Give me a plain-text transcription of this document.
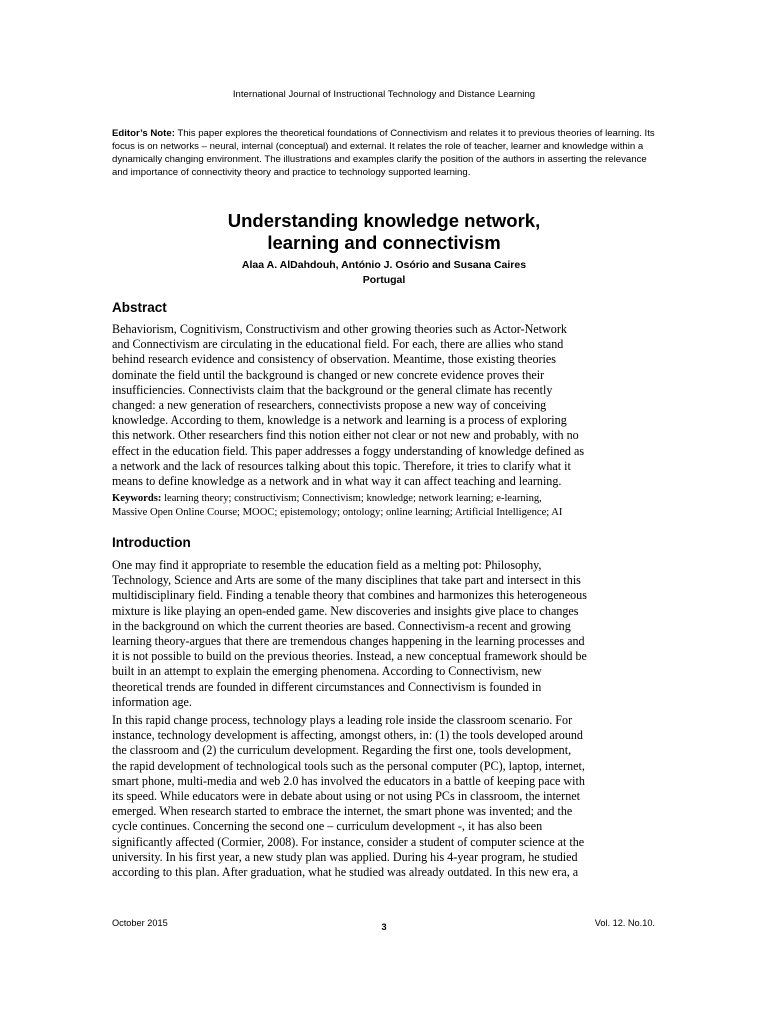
International Journal of Instructional Technology and Distance Learning

Editor’s Note: This paper explores the theoretical foundations of Connectivism and relates it to previous theories of learning. Its focus is on networks – neural, internal (conceptual) and external. It relates the role of teacher, learner and knowledge within a dynamically changing environment. The illustrations and examples clarify the position of the authors in asserting the relevance and importance of connectivity theory and practice to technology supported learning.

Understanding knowledge network,
learning and connectivism
Alaa A. AlDahdouh, António J. Osório and Susana Caires
Portugal
Abstract
Behaviorism, Cognitivism, Constructivism and other growing theories such as Actor-Network
and Connectivism are circulating in the educational field. For each, there are allies who stand
behind research evidence and consistency of observation. Meantime, those existing theories
dominate the field until the background is changed or new concrete evidence proves their
insufficiencies. Connectivists claim that the background or the general climate has recently
changed: a new generation of researchers, connectivists propose a new way of conceiving
knowledge. According to them, knowledge is a network and learning is a process of exploring
this network. Other researchers find this notion either not clear or not new and probably, with no
effect in the education field. This paper addresses a foggy understanding of knowledge defined as
a network and the lack of resources talking about this topic. Therefore, it tries to clarify what it
means to define knowledge as a network and in what way it can affect teaching and learning.
Keywords: learning theory; constructivism; Connectivism; knowledge; network learning; e-learning,
Massive Open Online Course; MOOC; epistemology; ontology; online learning; Artificial Intelligence; AI
Introduction
One may find it appropriate to resemble the education field as a melting pot: Philosophy,
Technology, Science and Arts are some of the many disciplines that take part and intersect in this
multidisciplinary field. Finding a tenable theory that combines and harmonizes this heterogeneous
mixture is like playing an open-ended game. New discoveries and insights give place to changes
in the background on which the current theories are based. Connectivism-a recent and growing
learning theory-argues that there are tremendous changes happening in the learning processes and
it is not possible to build on the previous theories. Instead, a new conceptual framework should be
built in an attempt to explain the emerging phenomena. According to Connectivism, new
theoretical trends are founded in different circumstances and Connectivism is founded in
information age.
In this rapid change process, technology plays a leading role inside the classroom scenario. For
instance, technology development is affecting, amongst others, in: (1) the tools developed around
the classroom and (2) the curriculum development. Regarding the first one, tools development,
the rapid development of technological tools such as the personal computer (PC), laptop, internet,
smart phone, multi-media and web 2.0 has involved the educators in a battle of keeping pace with
its speed. While educators were in debate about using or not using PCs in classroom, the internet
emerged. When research started to embrace the internet, the smart phone was invented; and the
cycle continues. Concerning the second one – curriculum development -, it has also been
significantly affected (Cormier, 2008). For instance, consider a student of computer science at the
university. In his first year, a new study plan was applied. During his 4-year program, he studied
according to this plan. After graduation, what he studied was already outdated. In this new era, a
October 2015	3	Vol. 12. No.10.
